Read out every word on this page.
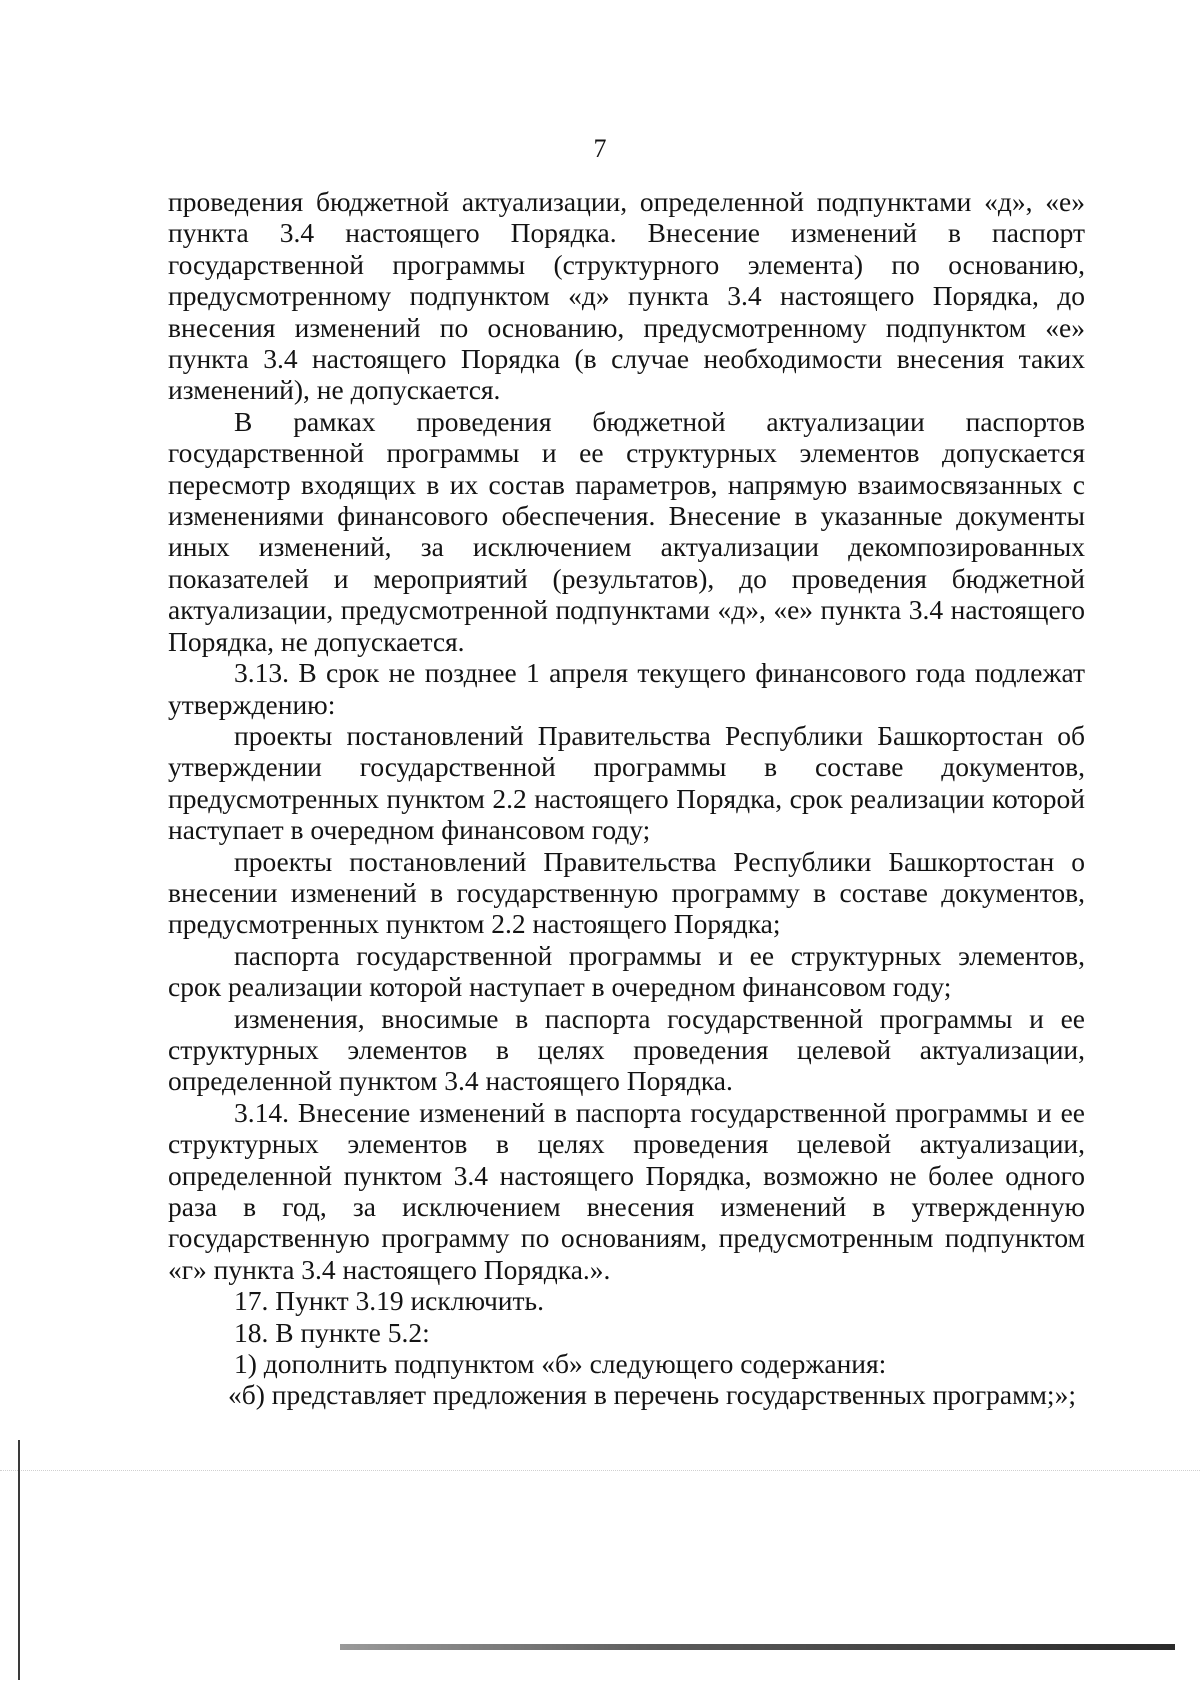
7

проведения бюджетной актуализации, определенной подпунктами «д», «е» пункта 3.4 настоящего Порядка. Внесение изменений в паспорт государственной программы (структурного элемента) по основанию, предусмотренному подпунктом «д» пункта 3.4 настоящего Порядка, до внесения изменений по основанию, предусмотренному подпунктом «е» пункта 3.4 настоящего Порядка (в случае необходимости внесения таких изменений), не допускается.

В рамках проведения бюджетной актуализации паспортов государственной программы и ее структурных элементов допускается пересмотр входящих в их состав параметров, напрямую взаимосвязанных с изменениями финансового обеспечения. Внесение в указанные документы иных изменений, за исключением актуализации декомпозированных показателей и мероприятий (результатов), до проведения бюджетной актуализации, предусмотренной подпунктами «д», «е» пункта 3.4 настоящего Порядка, не допускается.

3.13. В срок не позднее 1 апреля текущего финансового года подлежат утверждению:

проекты постановлений Правительства Республики Башкортостан об утверждении государственной программы в составе документов, предусмотренных пунктом 2.2 настоящего Порядка, срок реализации которой наступает в очередном финансовом году;

проекты постановлений Правительства Республики Башкортостан о внесении изменений в государственную программу в составе документов, предусмотренных пунктом 2.2 настоящего Порядка;

паспорта государственной программы и ее структурных элементов, срок реализации которой наступает в очередном финансовом году;

изменения, вносимые в паспорта государственной программы и ее структурных элементов в целях проведения целевой актуализации, определенной пунктом 3.4 настоящего Порядка.

3.14. Внесение изменений в паспорта государственной программы и ее структурных элементов в целях проведения целевой актуализации, определенной пунктом 3.4 настоящего Порядка, возможно не более одного раза в год, за исключением внесения изменений в утвержденную государственную программу по основаниям, предусмотренным подпунктом «г» пункта 3.4 настоящего Порядка.».

17. Пункт 3.19 исключить.

18. В пункте 5.2:

1) дополнить подпунктом «б» следующего содержания:

«б) представляет предложения в перечень государственных программ;»;
